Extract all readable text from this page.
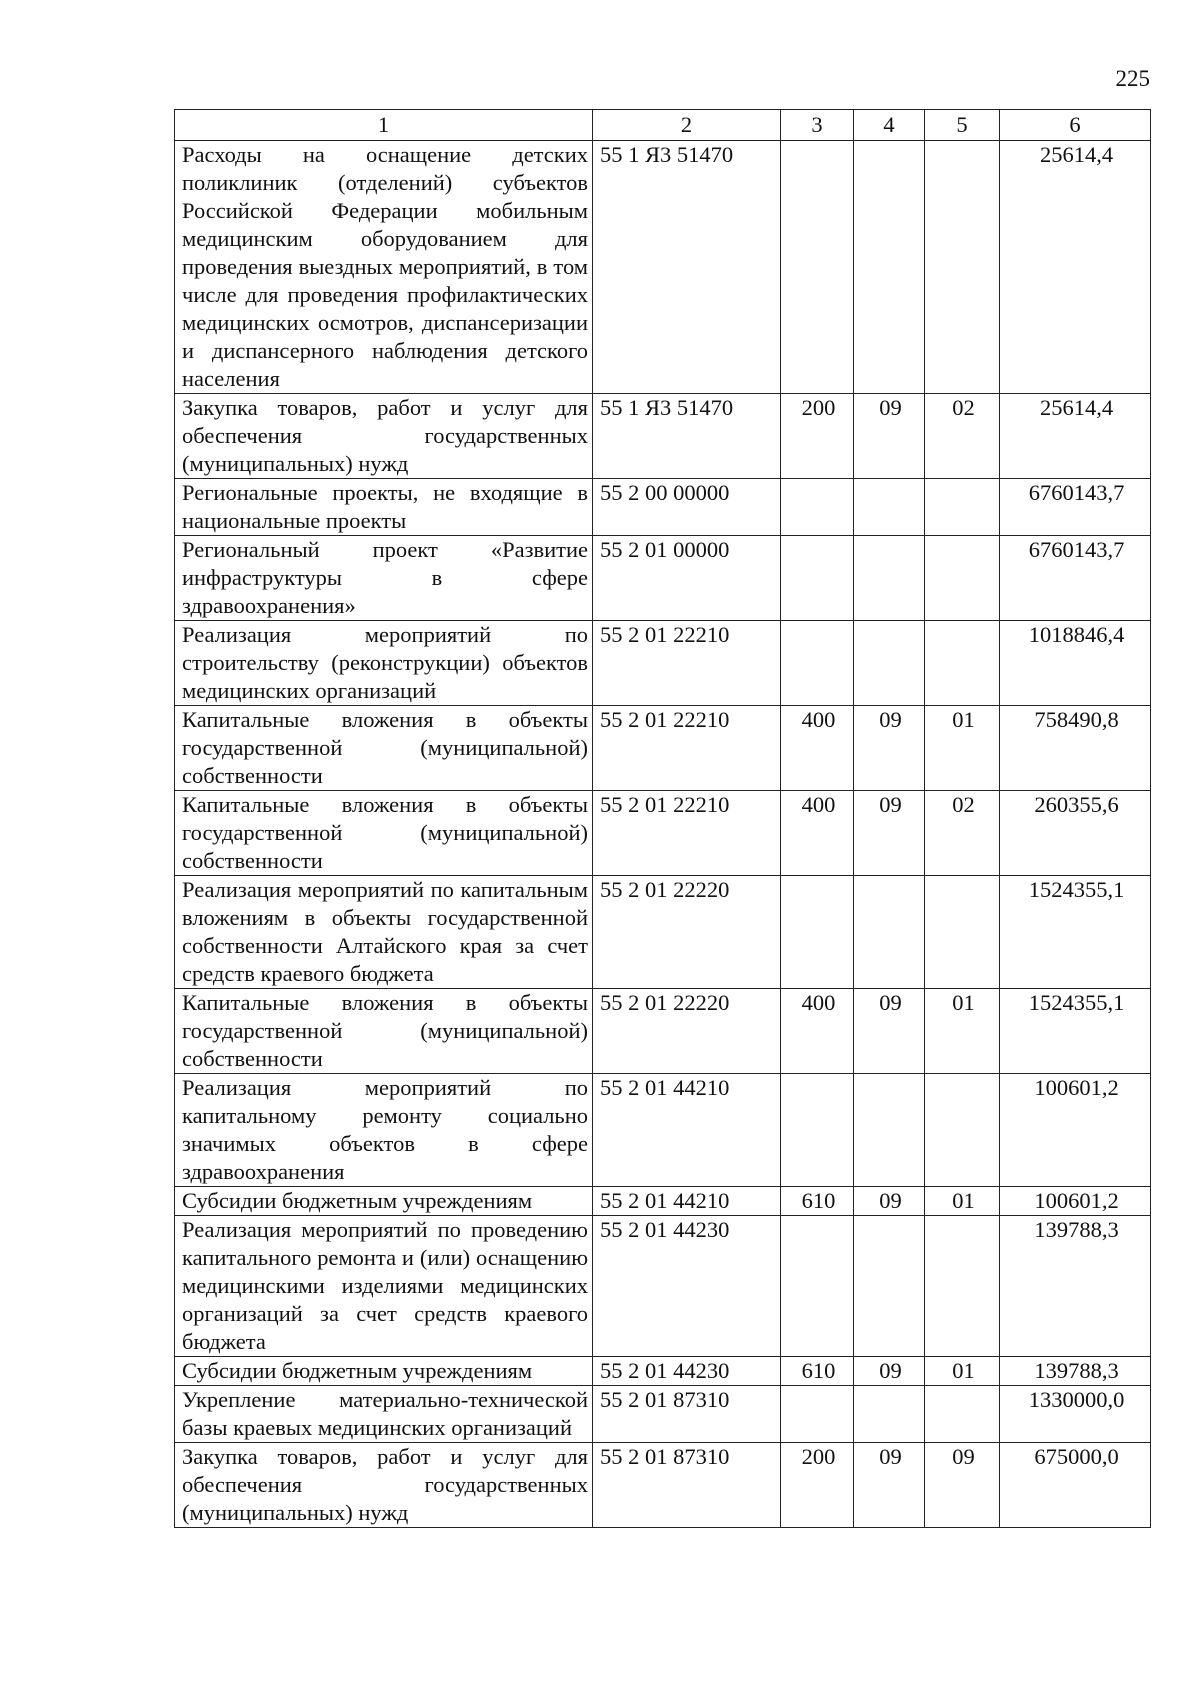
225
1	2	3	4	5	6
Расходы на оснащение детских поликлиник (отделений) субъектов Российской Федерации мобильным медицинским оборудованием для проведения выездных мероприятий, в том числе для проведения профилактических медицинских осмотров, диспансеризации и диспансерного наблюдения детского населения	55 1 Я3 51470				25614,4
Закупка товаров, работ и услуг для обеспечения государственных (муниципальных) нужд	55 1 Я3 51470	200	09	02	25614,4
Региональные проекты, не входящие в национальные проекты	55 2 00 00000				6760143,7
Региональный проект «Развитие инфраструктуры в сфере здравоохранения»	55 2 01 00000				6760143,7
Реализация мероприятий по строительству (реконструкции) объектов медицинских организаций	55 2 01 22210				1018846,4
Капитальные вложения в объекты государственной (муниципальной) собственности	55 2 01 22210	400	09	01	758490,8
Капитальные вложения в объекты государственной (муниципальной) собственности	55 2 01 22210	400	09	02	260355,6
Реализация мероприятий по капитальным вложениям в объекты государственной собственности Алтайского края за счет средств краевого бюджета	55 2 01 22220				1524355,1
Капитальные вложения в объекты государственной (муниципальной) собственности	55 2 01 22220	400	09	01	1524355,1
Реализация мероприятий по капитальному ремонту социально значимых объектов в сфере здравоохранения	55 2 01 44210				100601,2
Субсидии бюджетным учреждениям	55 2 01 44210	610	09	01	100601,2
Реализация мероприятий по проведению капитального ремонта и (или) оснащению медицинскими изделиями медицинских организаций за счет средств краевого бюджета	55 2 01 44230				139788,3
Субсидии бюджетным учреждениям	55 2 01 44230	610	09	01	139788,3
Укрепление материально-технической базы краевых медицинских организаций	55 2 01 87310				1330000,0
Закупка товаров, работ и услуг для обеспечения государственных (муниципальных) нужд	55 2 01 87310	200	09	09	675000,0
